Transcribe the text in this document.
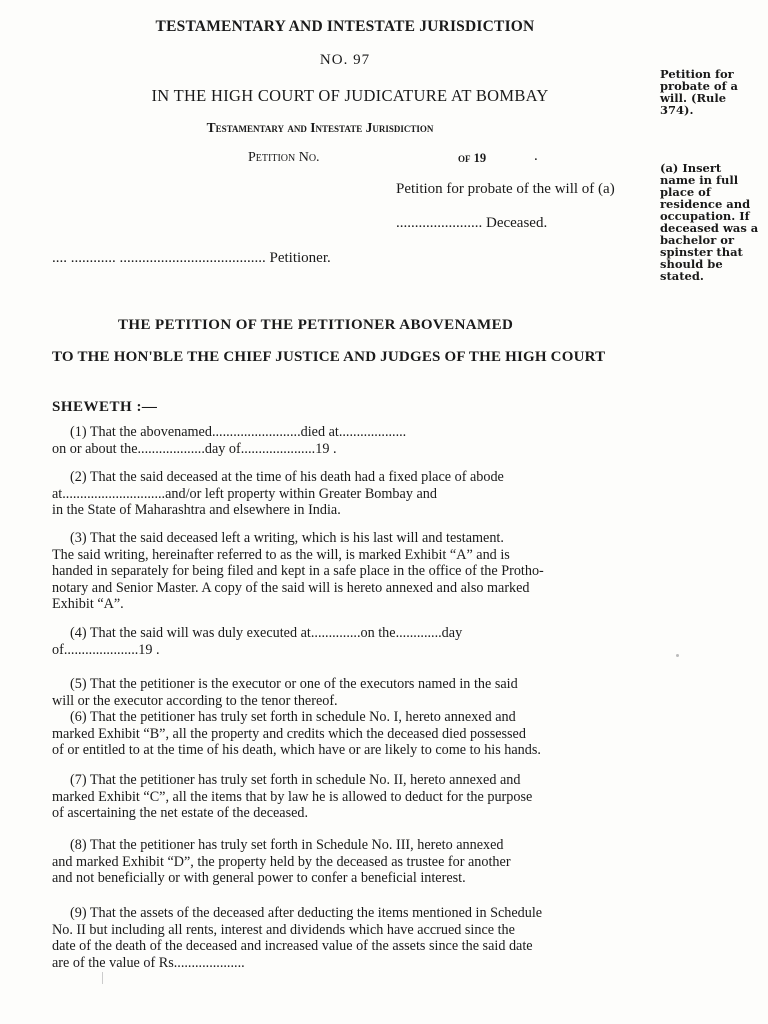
TESTAMENTARY AND INTESTATE JURISDICTION
NO. 97
IN THE HIGH COURT OF JUDICATURE AT BOMBAY
Testamentary and Intestate Jurisdiction
Petition No.	of 19	.
Petition for probate of the will of (a)
....................... Deceased.
.... ............ ....................................... Petitioner.
Petition for probate of a will. (Rule 374).
(a) Insert name in full place of residence and occupation. If deceased was a bachelor or spinster that should be stated.
THE PETITION OF THE PETITIONER ABOVENAMED
TO THE HON'BLE THE CHIEF JUSTICE AND JUDGES OF THE HIGH COURT
SHEWETH :—
(1) That the abovenamed.........................died at...................
on or about the...................day of.....................19 .
(2) That the said deceased at the time of his death had a fixed place of abode
at.............................and/or left property within Greater Bombay and
in the State of Maharashtra and elsewhere in India.
(3) That the said deceased left a writing, which is his last will and testament.
The said writing, hereinafter referred to as the will, is marked Exhibit “A” and is
handed in separately for being filed and kept in a safe place in the office of the Protho-
notary and Senior Master. A copy of the said will is hereto annexed and also marked
Exhibit “A”.
(4) That the said will was duly executed at..............on the.............day
of.....................19 .
(5) That the petitioner is the executor or one of the executors named in the said
will or the executor according to the tenor thereof.
(6) That the petitioner has truly set forth in schedule No. I, hereto annexed and
marked Exhibit “B”, all the property and credits which the deceased died possessed
of or entitled to at the time of his death, which have or are likely to come to his hands.
(7) That the petitioner has truly set forth in schedule No. II, hereto annexed and
marked Exhibit “C”, all the items that by law he is allowed to deduct for the purpose
of ascertaining the net estate of the deceased.
(8) That the petitioner has truly set forth in Schedule No. III, hereto annexed
and marked Exhibit “D”, the property held by the deceased as trustee for another
and not beneficially or with general power to confer a beneficial interest.
(9) That the assets of the deceased after deducting the items mentioned in Schedule
No. II but including all rents, interest and dividends which have accrued since the
date of the death of the deceased and increased value of the assets since the said date
are of the value of Rs....................
